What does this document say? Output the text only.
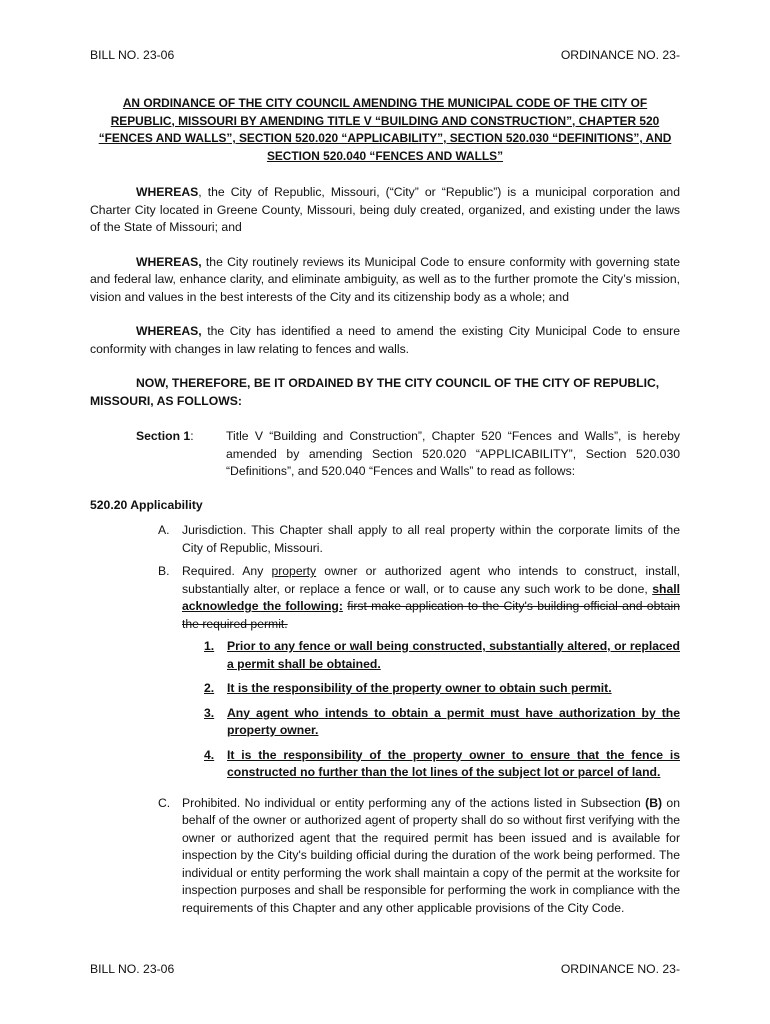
BILL NO. 23-06	ORDINANCE NO. 23-

AN ORDINANCE OF THE CITY COUNCIL AMENDING THE MUNICIPAL CODE OF THE CITY OF REPUBLIC, MISSOURI BY AMENDING TITLE V “BUILDING AND CONSTRUCTION”, CHAPTER 520 “FENCES AND WALLS”, SECTION 520.020 “APPLICABILITY”, SECTION 520.030 “DEFINITIONS”, AND SECTION 520.040 “FENCES AND WALLS”

WHEREAS, the City of Republic, Missouri, (“City” or “Republic”) is a municipal corporation and Charter City located in Greene County, Missouri, being duly created, organized, and existing under the laws of the State of Missouri; and

WHEREAS, the City routinely reviews its Municipal Code to ensure conformity with governing state and federal law, enhance clarity, and eliminate ambiguity, as well as to the further promote the City’s mission, vision and values in the best interests of the City and its citizenship body as a whole; and

WHEREAS, the City has identified a need to amend the existing City Municipal Code to ensure conformity with changes in law relating to fences and walls.

NOW, THEREFORE, BE IT ORDAINED BY THE CITY COUNCIL OF THE CITY OF REPUBLIC, MISSOURI, AS FOLLOWS:

Section 1:	Title V “Building and Construction”, Chapter 520 “Fences and Walls”, is hereby amended by amending Section 520.020 “APPLICABILITY”, Section 520.030 “Definitions”, and 520.040 “Fences and Walls” to read as follows:
520.20 Applicability
A.	Jurisdiction. This Chapter shall apply to all real property within the corporate limits of the City of Republic, Missouri.
B.	Required. Any property owner or authorized agent who intends to construct, install, substantially alter, or replace a fence or wall, or to cause any such work to be done, shall acknowledge the following: first make application to the City's building official and obtain the required permit.
1.	Prior to any fence or wall being constructed, substantially altered, or replaced a permit shall be obtained.
2.	It is the responsibility of the property owner to obtain such permit.
3.	Any agent who intends to obtain a permit must have authorization by the property owner.
4.	It is the responsibility of the property owner to ensure that the fence is constructed no further than the lot lines of the subject lot or parcel of land.
C. Prohibited. No individual or entity performing any of the actions listed in Subsection (B) on behalf of the owner or authorized agent of property shall do so without first verifying with the owner or authorized agent that the required permit has been issued and is available for inspection by the City's building official during the duration of the work being performed. The individual or entity performing the work shall maintain a copy of the permit at the worksite for inspection purposes and shall be responsible for performing the work in compliance with the requirements of this Chapter and any other applicable provisions of the City Code.
BILL NO. 23-06	ORDINANCE NO. 23-
